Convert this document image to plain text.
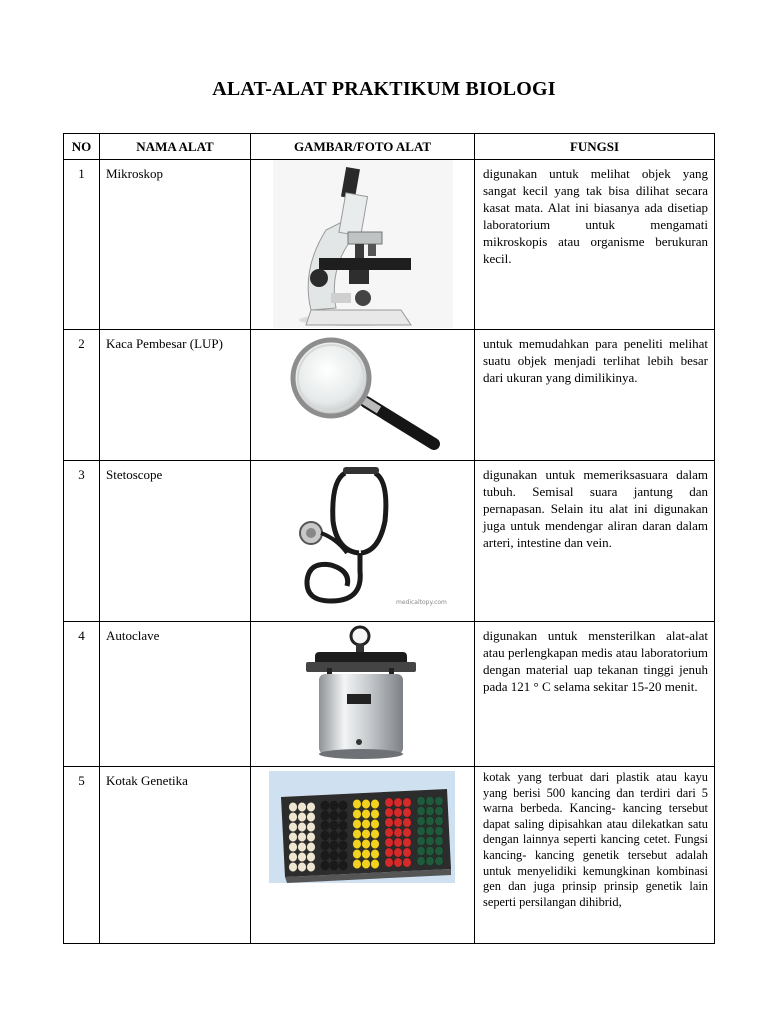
ALAT-ALAT PRAKTIKUM BIOLOGI
NO	NAMA ALAT	GAMBAR/FOTO ALAT	FUNGSI
1	Mikroskop		digunakan untuk melihat objek yang sangat kecil yang tak bisa dilihat secara kasat mata. Alat ini biasanya ada disetiap laboratorium untuk mengamati mikroskopis atau organisme berukuran kecil.
2	Kaca Pembesar (LUP)		untuk memudahkan para peneliti melihat suatu objek menjadi terlihat lebih besar dari ukuran yang dimilikinya.
3	Stetoscope	medicaltopy.com	digunakan untuk memeriksasuara dalam tubuh. Semisal suara jantung dan pernapasan. Selain itu alat ini digunakan juga untuk mendengar aliran daran dalam arteri, intestine dan vein.
4	Autoclave		digunakan untuk mensterilkan alat-alat atau perlengkapan medis atau laboratorium dengan material uap tekanan tinggi jenuh pada 121 ° C selama sekitar 15-20 menit.
5	Kotak Genetika		kotak yang terbuat dari plastik atau kayu yang berisi 500 kancing dan terdiri dari 5 warna berbeda. Kancing- kancing tersebut dapat saling dipisahkan atau dilekatkan satu dengan lainnya seperti kancing cetet. Fungsi kancing- kancing genetik tersebut adalah untuk menyelidiki kemungkinan kombinasi gen dan juga prinsip prinsip genetik lain seperti persilangan dihibrid,
